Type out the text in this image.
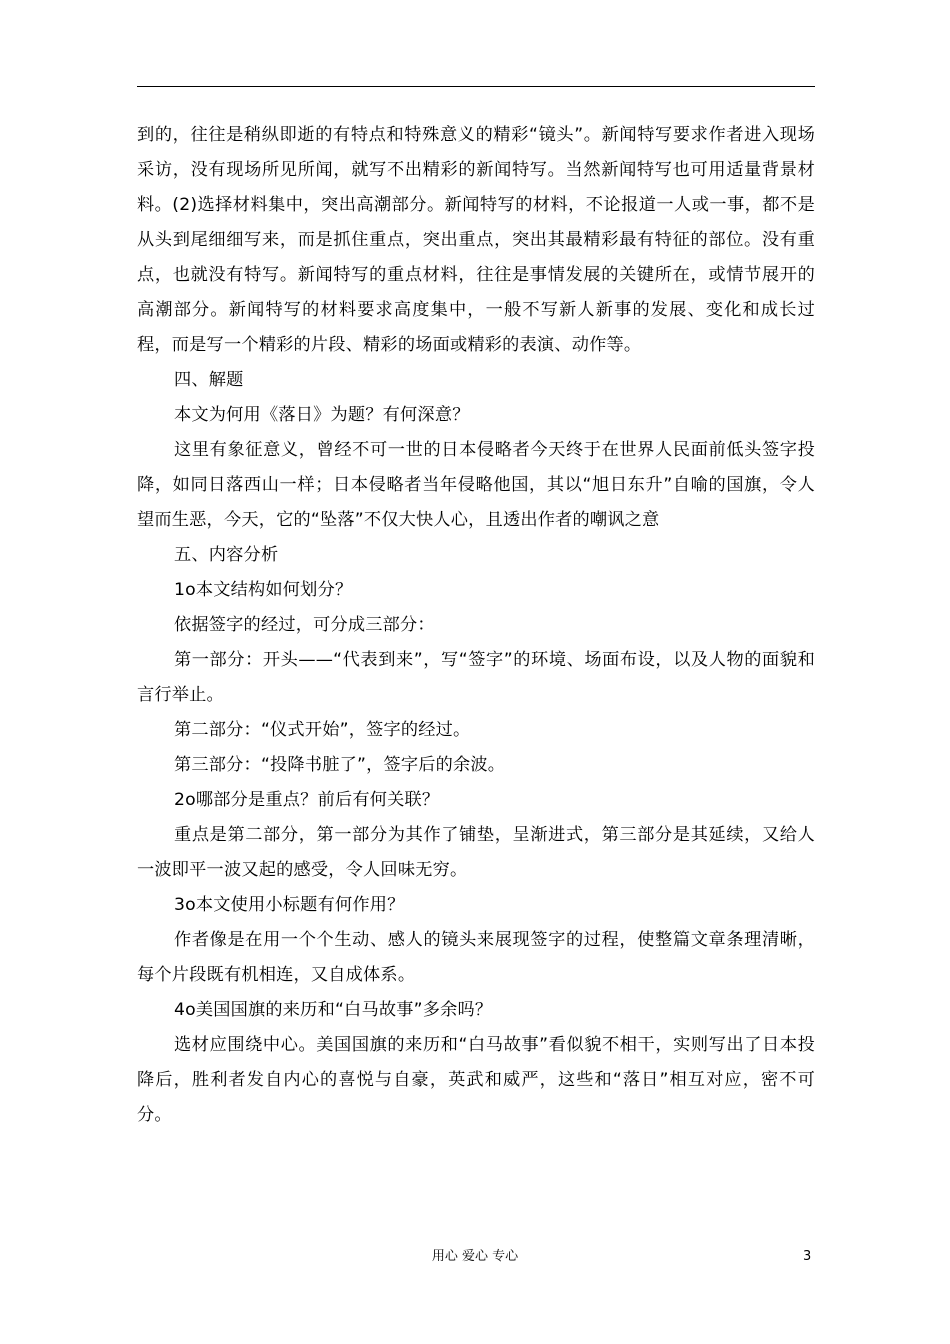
到的，往往是稍纵即逝的有特点和特殊意义的精彩“镜头”。新闻特写要求作者进入现场采访，没有现场所见所闻，就写不出精彩的新闻特写。当然新闻特写也可用适量背景材料。(2)选择材料集中，突出高潮部分。新闻特写的材料，不论报道一人或一事，都不是从头到尾细细写来，而是抓住重点，突出重点，突出其最精彩最有特征的部位。没有重点，也就没有特写。新闻特写的重点材料，往往是事情发展的关键所在，或情节展开的高潮部分。新闻特写的材料要求高度集中，一般不写新人新事的发展、变化和成长过程，而是写一个精彩的片段、精彩的场面或精彩的表演、动作等。

四、解题

本文为何用《落日》为题？有何深意？

这里有象征意义，曾经不可一世的日本侵略者今天终于在世界人民面前低头签字投降，如同日落西山一样；日本侵略者当年侵略他国，其以“旭日东升”自喻的国旗，令人望而生恶，今天，它的“坠落”不仅大快人心，且透出作者的嘲讽之意

五、内容分析

1o本文结构如何划分？

依据签字的经过，可分成三部分：

第一部分：开头——“代表到来”，写“签字”的环境、场面布设，以及人物的面貌和言行举止。

第二部分：“仪式开始”，签字的经过。

第三部分：“投降书脏了”，签字后的余波。

2o哪部分是重点？前后有何关联？

重点是第二部分，第一部分为其作了铺垫，呈渐进式，第三部分是其延续，又给人一波即平一波又起的感受，令人回味无穷。

3o本文使用小标题有何作用？

作者像是在用一个个生动、感人的镜头来展现签字的过程，使整篇文章条理清晰，每个片段既有机相连，又自成体系。

4o美国国旗的来历和“白马故事”多余吗？

选材应围绕中心。美国国旗的来历和“白马故事”看似貌不相干，实则写出了日本投降后，胜利者发自内心的喜悦与自豪，英武和威严，这些和“落日”相互对应，密不可分。

用心 爱心 专心	3
